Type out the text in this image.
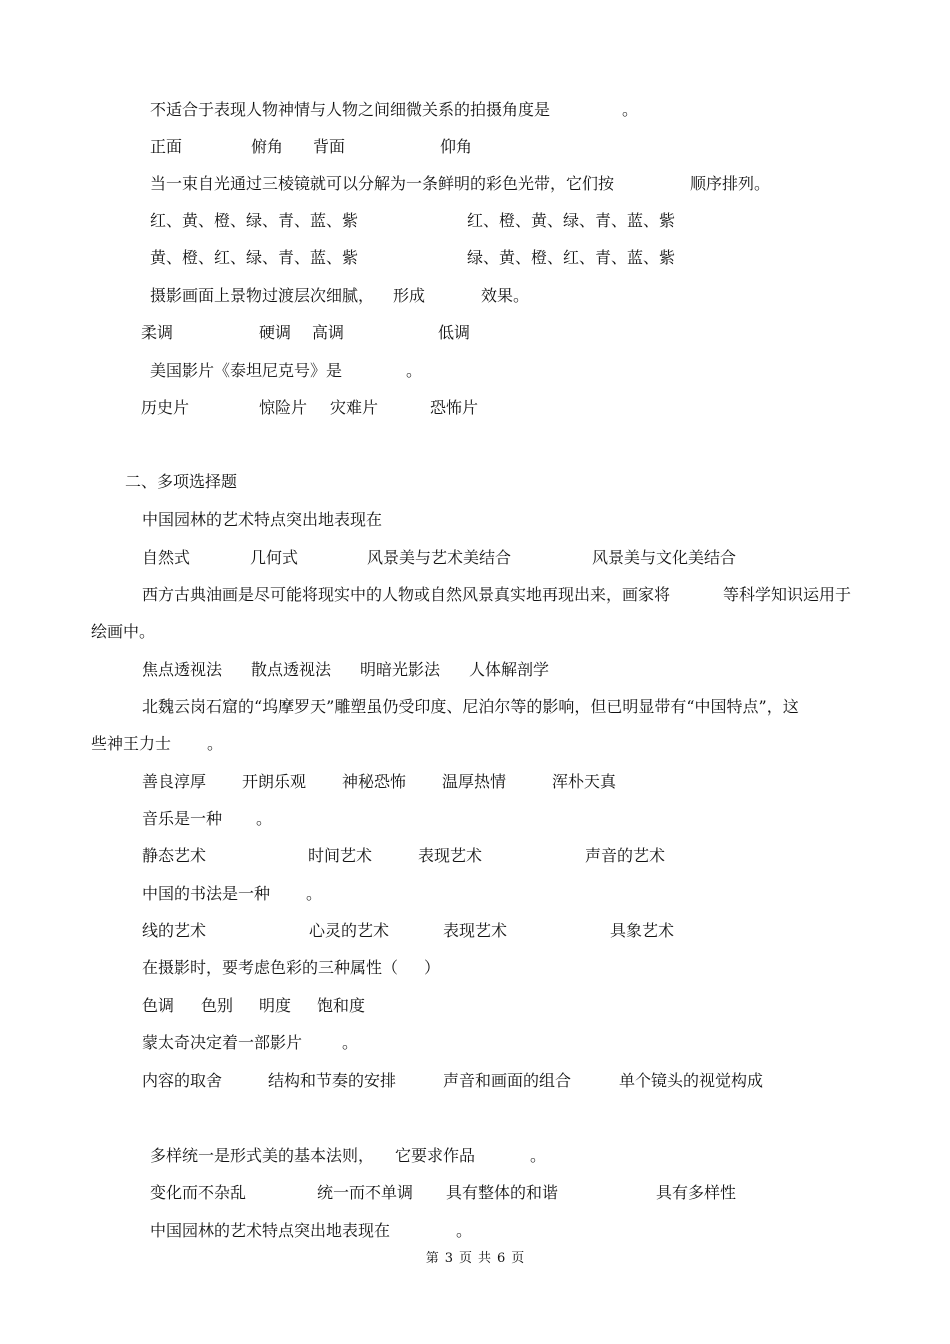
不适合于表现人物神情与人物之间细微关系的拍摄角度是	。
正面	俯角 背面	仰角
当一束自光通过三棱镜就可以分解为一条鲜明的彩色光带，它们按	顺序排列。
红、黄、橙、绿、青、蓝、紫	红、橙、黄、绿、青、蓝、紫
黄、橙、红、绿、青、蓝、紫	绿、黄、橙、红、青、蓝、紫
摄影画面上景物过渡层次细腻， 形成	效果。
柔调	硬调 高调	低调
美国影片《泰坦尼克号》是	。
历史片	惊险片 灾难片	恐怖片
二、多项选择题
中国园林的艺术特点突出地表现在
自然式	几何式	风景美与艺术美结合	风景美与文化美结合
西方古典油画是尽可能将现实中的人物或自然风景真实地再现出来，画家将	等科学知识运用于
绘画中。
焦点透视法 散点透视法 明暗光影法 人体解剖学
北魏云岗石窟的“坞摩罗天”雕塑虽仍受印度、尼泊尔等的影响，但已明显带有“中国特点”，这
些神王力士 。
善良淳厚 开朗乐观 神秘恐怖 温厚热情	浑朴天真
音乐是一种 。
静态艺术	时间艺术	表现艺术	声音的艺术
中国的书法是一种 。
线的艺术	心灵的艺术	表现艺术	具象艺术
在摄影时，要考虑色彩的三种属性（ ）
色调 色别 明度 饱和度
蒙太奇决定着一部影片 。
内容的取舍	结构和节奏的安排	声音和画面的组合	单个镜头的视觉构成
多样统一是形式美的基本法则， 它要求作品	。
变化而不杂乱	统一而不单调 具有整体的和谐	具有多样性
中国园林的艺术特点突出地表现在	。
第 3 页 共 6 页
